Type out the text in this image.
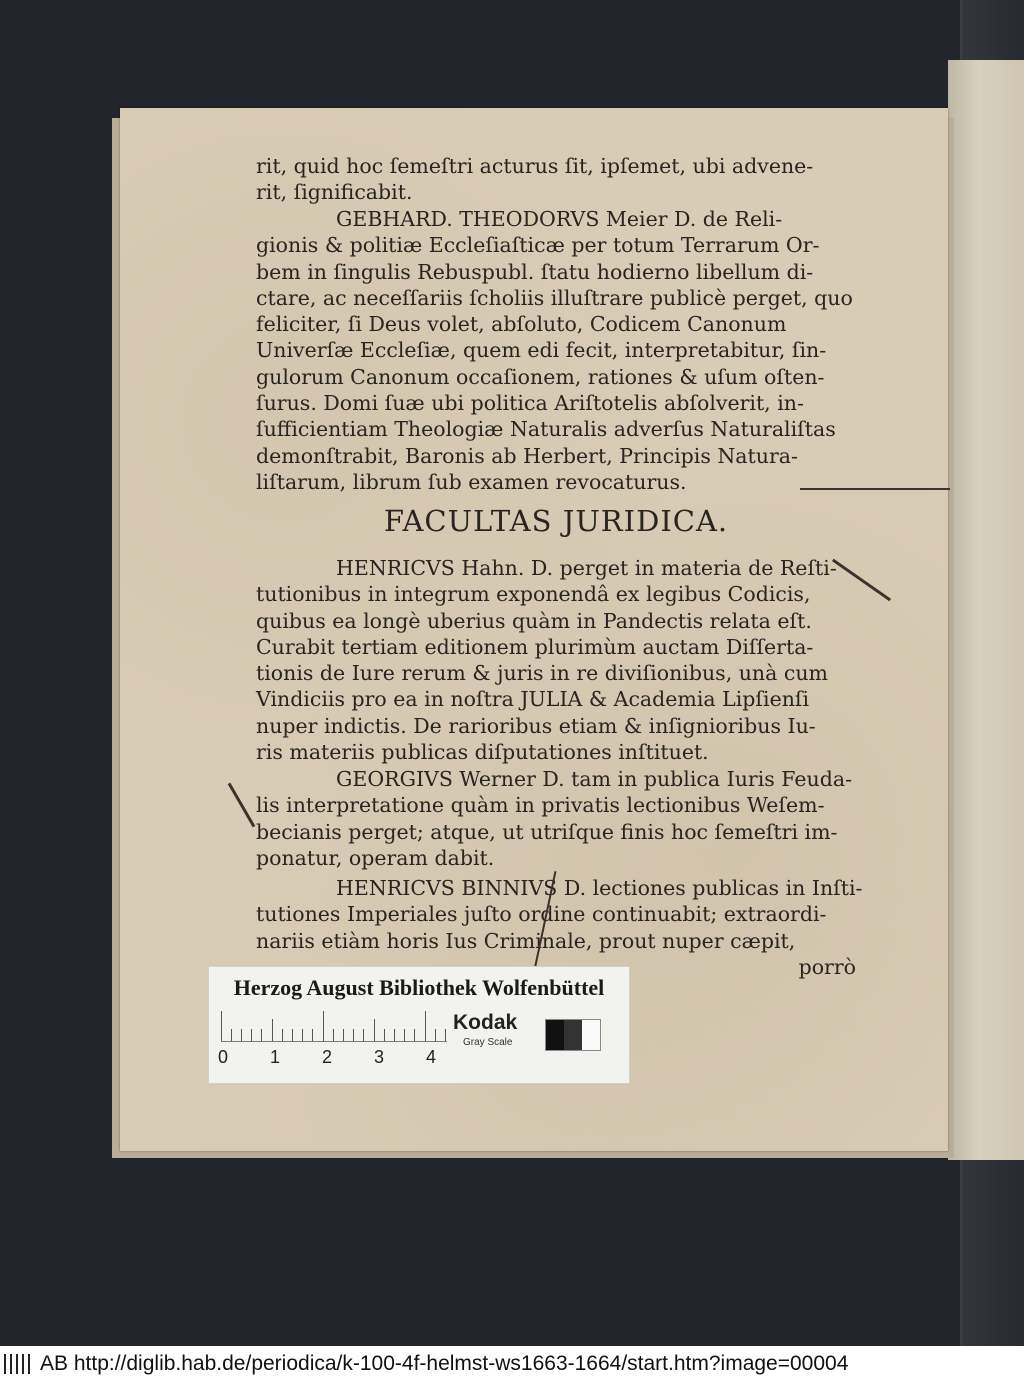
rit, quid hoc ſemeſtri acturus ſit, ipſemet, ubi advene-
rit, ſignificabit.
GEBHARD. THEODORVS Meier D. de Reli-
gionis & politiæ Eccleſiaſticæ per totum Terrarum Or-
bem in ſingulis Rebuspubl. ſtatu hodierno libellum di-
ctare, ac neceſſariis ſcholiis illuſtrare publicè perget, quo
feliciter, ſi Deus volet, abſoluto, Codicem Canonum
Univerſæ Eccleſiæ, quem edi fecit, interpretabitur, ſin-
gulorum Canonum occaſionem, rationes & uſum oſten-
ſurus. Domi ſuæ ubi politica Ariſtotelis abſolverit, in-
ſufficientiam Theologiæ Naturalis adverſus Naturaliſtas
demonſtrabit, Baronis ab Herbert, Principis Natura-
liſtarum, librum ſub examen revocaturus.
FACULTAS JURIDICA.
HENRICVS Hahn. D. perget in materia de Reſti-
tutionibus in integrum exponendâ ex legibus Codicis,
quibus ea longè uberius quàm in Pandectis relata eſt.
Curabit tertiam editionem plurimùm auctam Diſſerta-
tionis de Iure rerum & juris in re diviſionibus, unà cum
Vindiciis pro ea in noſtra JULIA & Academia Lipſienſi
nuper indictis. De rarioribus etiam & inſignioribus Iu-
ris materiis publicas diſputationes inſtituet.
GEORGIVS Werner D. tam in publica Iuris Feuda-
lis interpretatione quàm in privatis lectionibus Weſem-
becianis perget; atque, ut utriſque finis hoc ſemeſtri im-
ponatur, operam dabit.
HENRICVS BINNIVS D. lectiones publicas in Inſti-
tutiones Imperiales juſto ordine continuabit; extraordi-
nariis etiàm horis Ius Criminale, prout nuper cæpit,
porrò
Herzog August Bibliothek Wolfenbüttel
0 1 2 3 4
Kodak
Gray Scale
AB http://diglib.hab.de/periodica/k-100-4f-helmst-ws1663-1664/start.htm?image=00004
